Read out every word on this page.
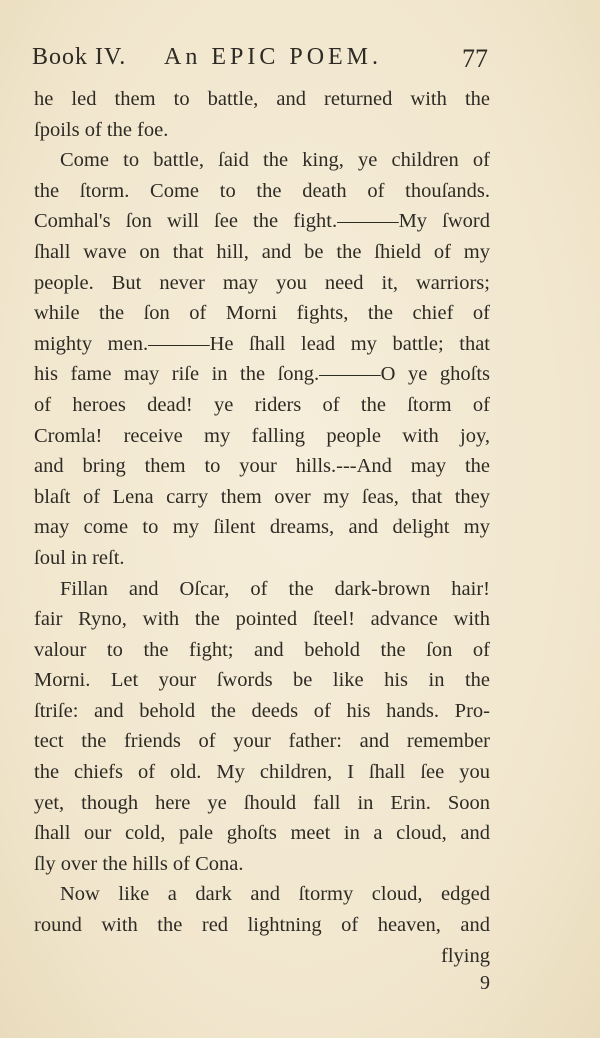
Book IV. An EPIC POEM.	77
he led them to battle, and returned with the
ſpoils of the foe.
Come to battle, ſaid the king, ye children of
the ſtorm. Come to the death of thouſands.
Comhal's ſon will ſee the fight.———My ſword
ſhall wave on that hill, and be the ſhield of my
people. But never may you need it, warriors;
while the ſon of Morni fights, the chief of
mighty men.———He ſhall lead my battle; that
his fame may riſe in the ſong.———O ye ghoſts
of heroes dead! ye riders of the ſtorm of
Cromla! receive my falling people with joy,
and bring them to your hills.---And may the
blaſt of Lena carry them over my ſeas, that they
may come to my ſilent dreams, and delight my
ſoul in reſt.
Fillan and Oſcar, of the dark-brown hair!
fair Ryno, with the pointed ſteel! advance with
valour to the fight; and behold the ſon of
Morni. Let your ſwords be like his in the
ſtriſe: and behold the deeds of his hands. Pro-
tect the friends of your father: and remember
the chiefs of old. My children, I ſhall ſee you
yet, though here ye ſhould fall in Erin. Soon
ſhall our cold, pale ghoſts meet in a cloud, and
ſly over the hills of Cona.
Now like a dark and ſtormy cloud, edged
round with the red lightning of heaven, and
flying
9
